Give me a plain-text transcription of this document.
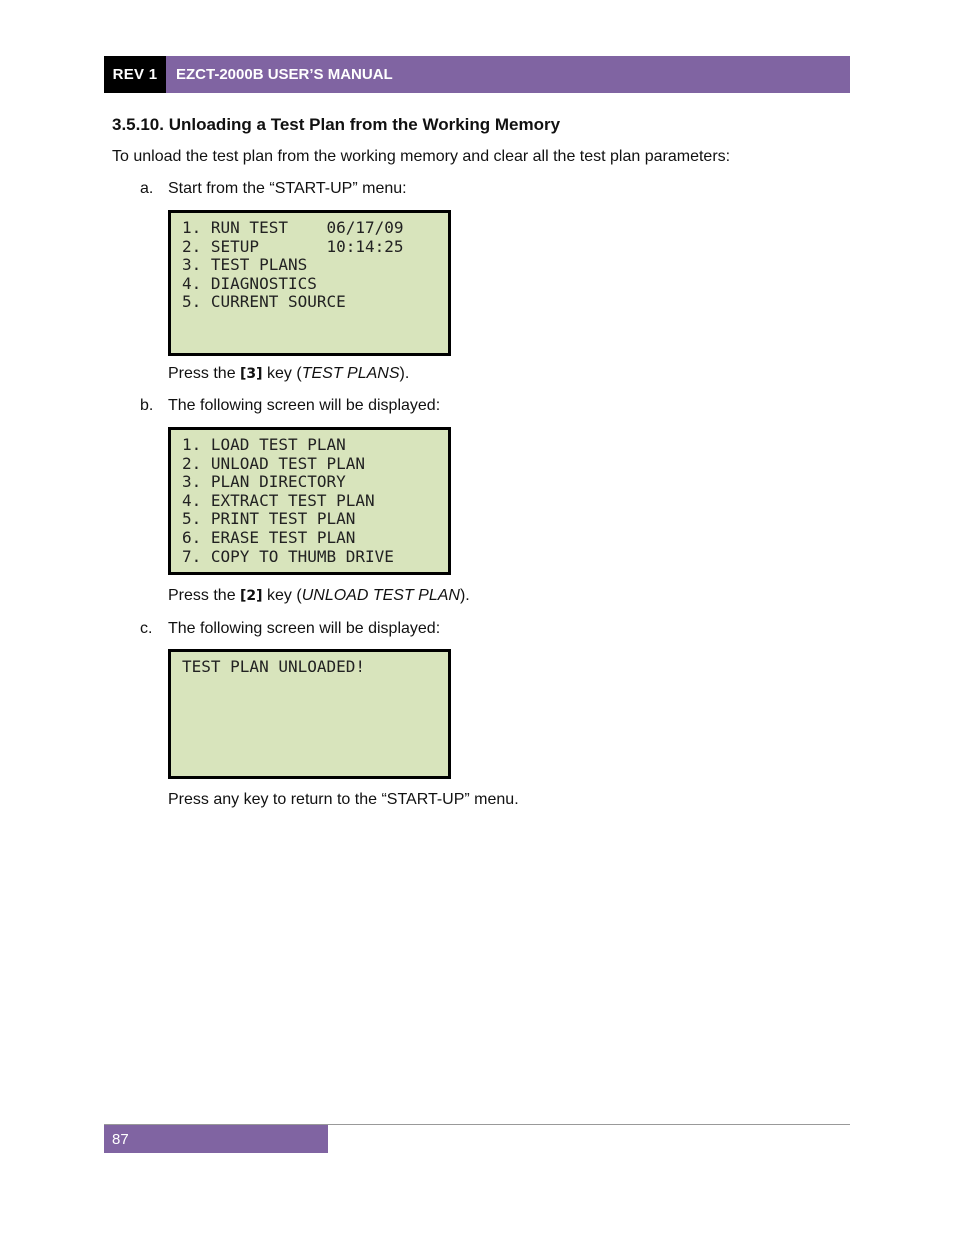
REV 1	EZCT-2000B USER’S MANUAL
3.5.10. Unloading a Test Plan from the Working Memory

To unload the test plan from the working memory and clear all the test plan parameters:

a. Start from the “START-UP” menu:
1. RUN TEST    06/17/09
2. SETUP       10:14:25
3. TEST PLANS
4. DIAGNOSTICS
5. CURRENT SOURCE

Press the [3] key (TEST PLANS).

b. The following screen will be displayed:
1. LOAD TEST PLAN
2. UNLOAD TEST PLAN
3. PLAN DIRECTORY
4. EXTRACT TEST PLAN
5. PRINT TEST PLAN
6. ERASE TEST PLAN
7. COPY TO THUMB DRIVE

Press the [2] key (UNLOAD TEST PLAN).

c. The following screen will be displayed:
TEST PLAN UNLOADED!

Press any key to return to the “START-UP” menu.

87
